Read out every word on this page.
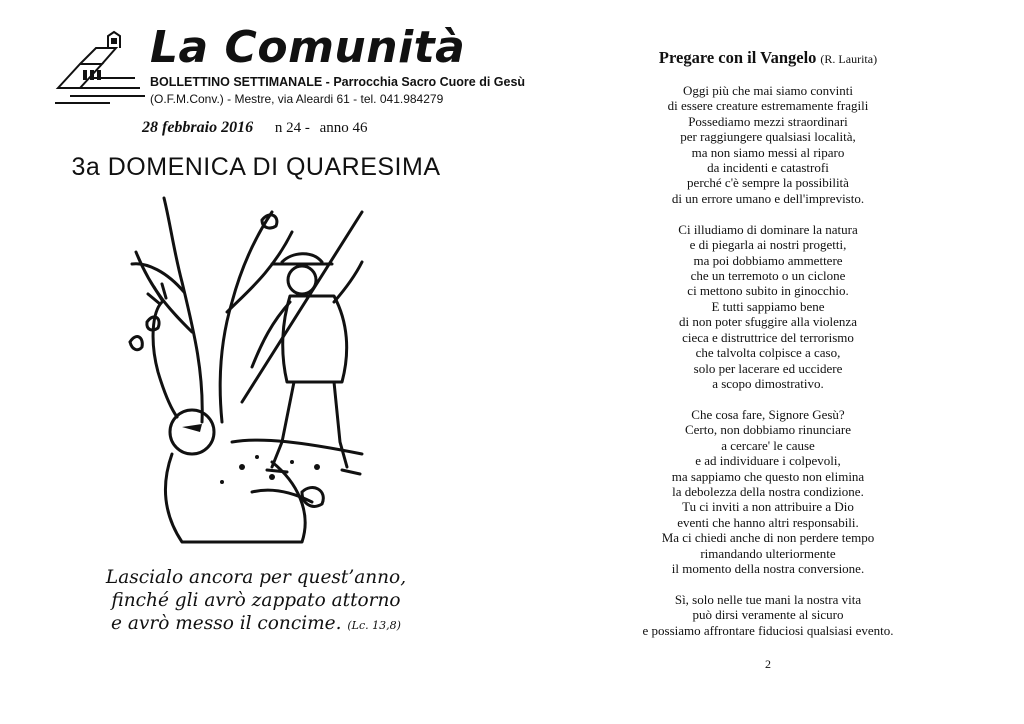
La Comunità
BOLLETTINO SETTIMANALE - Parrocchia Sacro Cuore di Gesù
(O.F.M.Conv.) - Mestre, via Aleardi 61 - tel. 041.984279
28 febbraio 2016 n 24 - anno 46
3a DOMENICA DI QUARESIMA
Lascialo ancora per quest’anno,
finché gli avrò zappato attorno
e avrò messo il concime. (Lc. 13,8)
Pregare con il Vangelo (R. Laurita)
Oggi più che mai siamo convinti
di essere creature estremamente fragili
Possediamo mezzi straordinari
per raggiungere qualsiasi località,
ma non siamo messi al riparo
da incidenti e catastrofi
perché c'è sempre la possibilità
di un errore umano e dell'imprevisto.
Ci illudiamo di dominare la natura
e di piegarla ai nostri progetti,
ma poi dobbiamo ammettere
che un terremoto o un ciclone
ci mettono subito in ginocchio.
E tutti sappiamo bene
di non poter sfuggire alla violenza
cieca e distruttrice del terrorismo
che talvolta colpisce a caso,
solo per lacerare ed uccidere
a scopo dimostrativo.
Che cosa fare, Signore Gesù?
Certo, non dobbiamo rinunciare
a cercare' le cause
e ad individuare i colpevoli,
ma sappiamo che questo non elimina
la debolezza della nostra condizione.
Tu ci inviti a non attribuire a Dio
eventi che hanno altri responsabili.
Ma ci chiedi anche di non perdere tempo
rimandando ulteriormente
il momento della nostra conversione.
Sì, solo nelle tue mani la nostra vita
può dirsi veramente al sicuro
e possiamo affrontare fiduciosi qualsiasi evento.
2
